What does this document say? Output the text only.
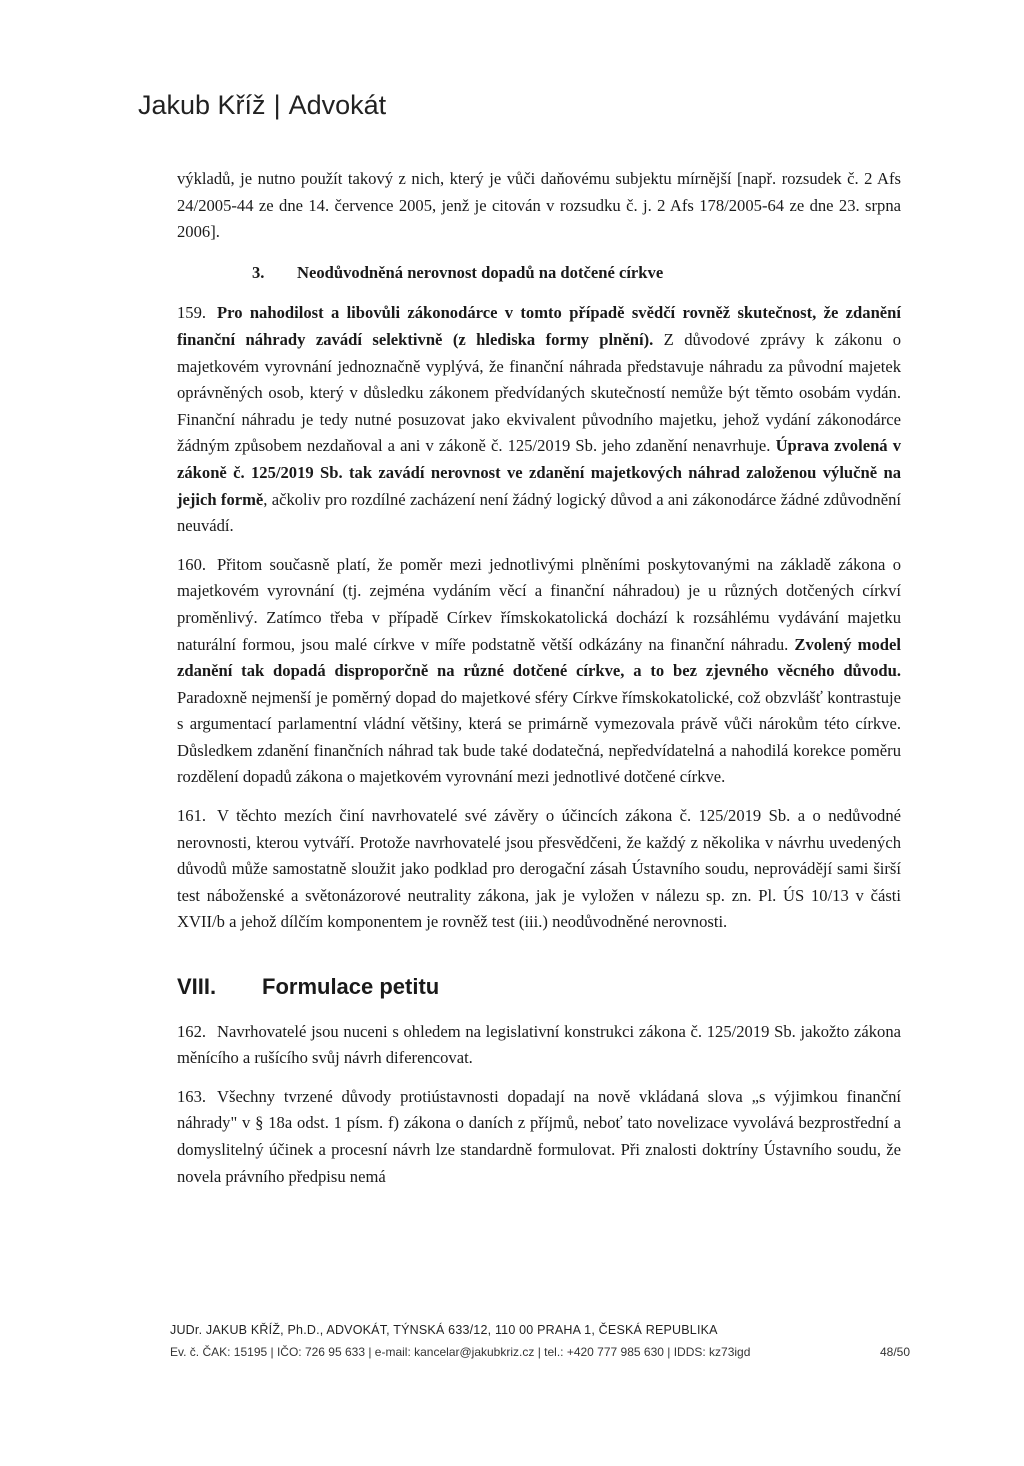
Jakub Kříž | Advokát

výkladů, je nutno použít takový z nich, který je vůči daňovému subjektu mírnější [např. rozsudek č. 2 Afs 24/2005-44 ze dne 14. července 2005, jenž je citován v rozsudku č. j. 2 Afs 178/2005-64 ze dne 23. srpna 2006].

3. Neodůvodněná nerovnost dopadů na dotčené církve

159. Pro nahodilost a libovůli zákonodárce v tomto případě svědčí rovněž skutečnost, že zdanění finanční náhrady zavádí selektivně (z hlediska formy plnění). Z důvodové zprávy k zákonu o majetkovém vyrovnání jednoznačně vyplývá, že finanční náhrada představuje náhradu za původní majetek oprávněných osob, který v důsledku zákonem předvídaných skutečností nemůže být těmto osobám vydán. Finanční náhradu je tedy nutné posuzovat jako ekvivalent původního majetku, jehož vydání zákonodárce žádným způsobem nezdaňoval a ani v zákoně č. 125/2019 Sb. jeho zdanění nenavrhuje. Úprava zvolená v zákoně č. 125/2019 Sb. tak zavádí nerovnost ve zdanění majetkových náhrad založenou výlučně na jejich formě, ačkoliv pro rozdílné zacházení není žádný logický důvod a ani zákonodárce žádné zdůvodnění neuvádí.

160. Přitom současně platí, že poměr mezi jednotlivými plněními poskytovanými na základě zákona o majetkovém vyrovnání (tj. zejména vydáním věcí a finanční náhradou) je u různých dotčených církví proměnlivý. Zatímco třeba v případě Církev římskokatolická dochází k rozsáhlému vydávání majetku naturální formou, jsou malé církve v míře podstatně větší odkázány na finanční náhradu. Zvolený model zdanění tak dopadá disproporčně na různé dotčené církve, a to bez zjevného věcného důvodu. Paradoxně nejmenší je poměrný dopad do majetkové sféry Církve římskokatolické, což obzvlášť kontrastuje s argumentací parlamentní vládní většiny, která se primárně vymezovala právě vůči nárokům této církve. Důsledkem zdanění finančních náhrad tak bude také dodatečná, nepředvídatelná a nahodilá korekce poměru rozdělení dopadů zákona o majetkovém vyrovnání mezi jednotlivé dotčené církve.

161. V těchto mezích činí navrhovatelé své závěry o účincích zákona č. 125/2019 Sb. a o nedůvodné nerovnosti, kterou vytváří. Protože navrhovatelé jsou přesvědčeni, že každý z několika v návrhu uvedených důvodů může samostatně sloužit jako podklad pro derogační zásah Ústavního soudu, neprovádějí sami širší test náboženské a světonázorové neutrality zákona, jak je vyložen v nálezu sp. zn. Pl. ÚS 10/13 v části XVII/b a jehož dílčím komponentem je rovněž test (iii.) neodůvodněné nerovnosti.

VIII. Formulace petitu

162. Navrhovatelé jsou nuceni s ohledem na legislativní konstrukci zákona č. 125/2019 Sb. jakožto zákona měnícího a rušícího svůj návrh diferencovat.

163. Všechny tvrzené důvody protiústavnosti dopadají na nově vkládaná slova „s výjimkou finanční náhrady" v § 18a odst. 1 písm. f) zákona o daních z příjmů, neboť tato novelizace vyvolává bezprostřední a domyslitelný účinek a procesní návrh lze standardně formulovat. Při znalosti doktríny Ústavního soudu, že novela právního předpisu nemá

JUDr. JAKUB KŘÍŽ, Ph.D., ADVOKÁT, TÝNSKÁ 633/12, 110 00 PRAHA 1, ČESKÁ REPUBLIKA
Ev. č. ČAK: 15195 | IČO: 726 95 633 | e-mail: kancelar@jakubkriz.cz | tel.: +420 777 985 630 | IDDS: kz73igd	48/50
